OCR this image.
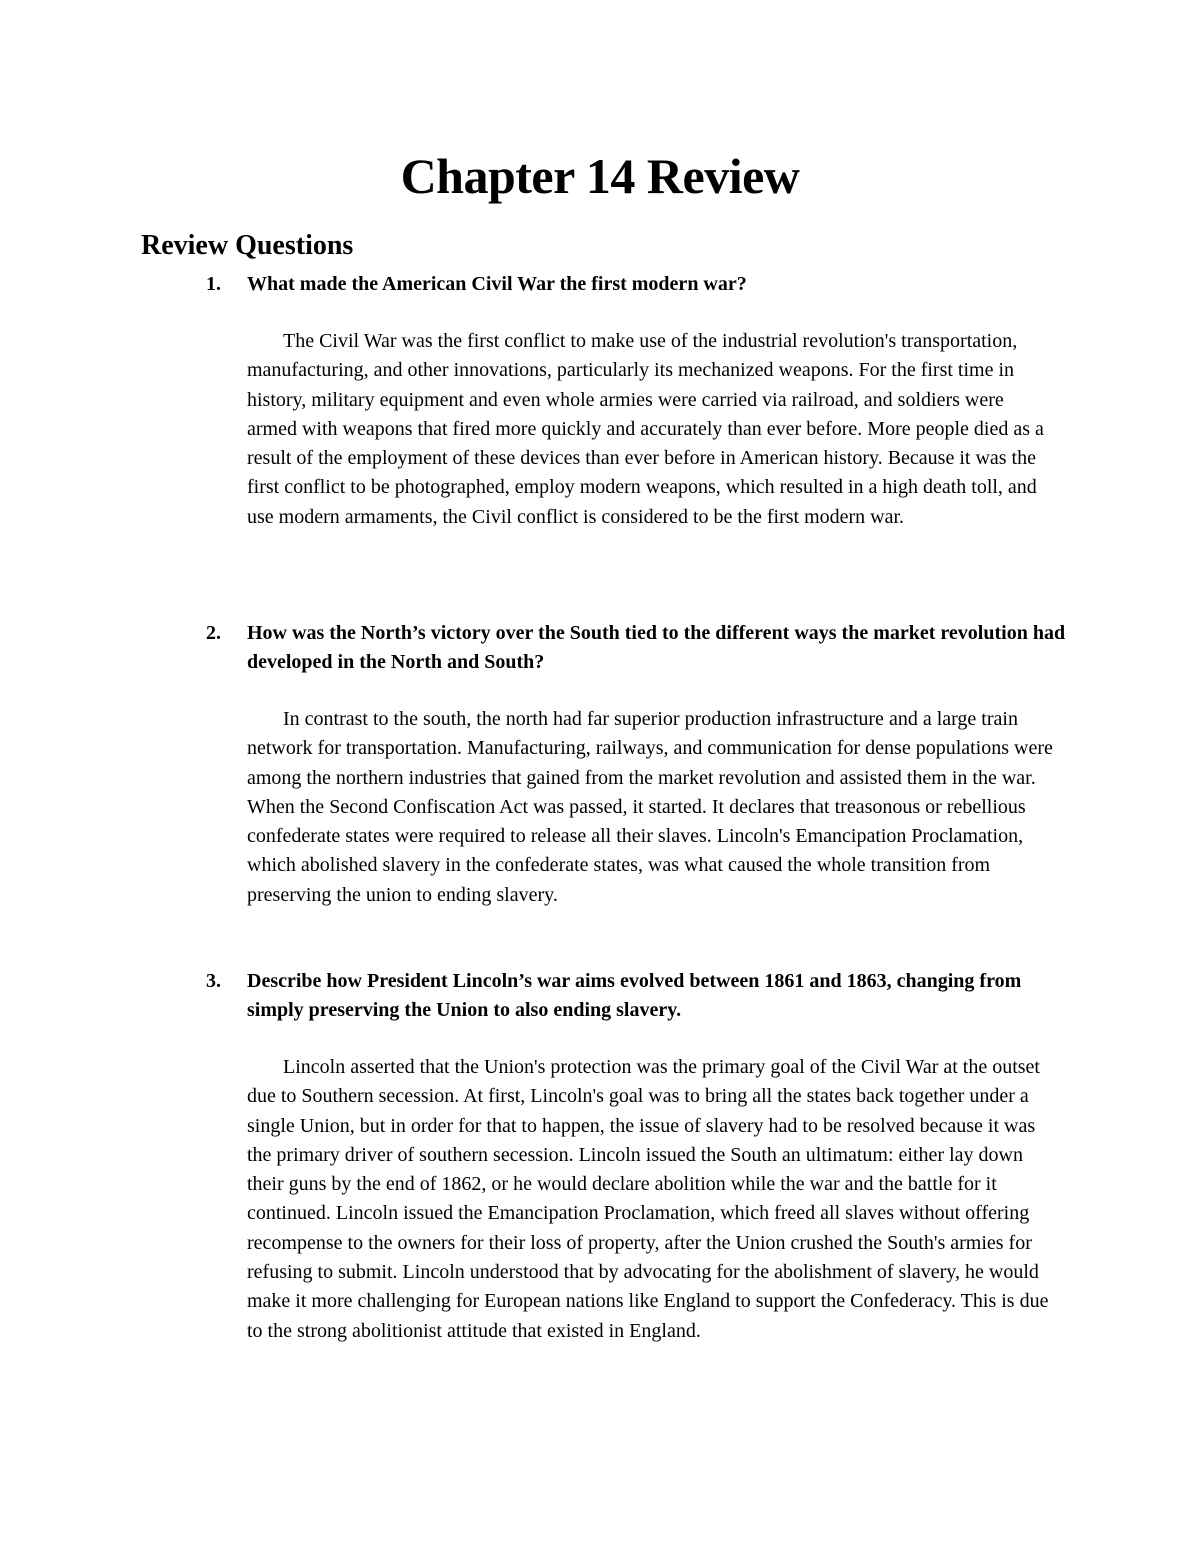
Chapter 14 Review
Review Questions
1. What made the American Civil War the first modern war?

The Civil War was the first conflict to make use of the industrial revolution's transportation, manufacturing, and other innovations, particularly its mechanized weapons. For the first time in history, military equipment and even whole armies were carried via railroad, and soldiers were armed with weapons that fired more quickly and accurately than ever before. More people died as a result of the employment of these devices than ever before in American history. Because it was the first conflict to be photographed, employ modern weapons, which resulted in a high death toll, and use modern armaments, the Civil conflict is considered to be the first modern war.

2. How was the North’s victory over the South tied to the different ways the market revolution had developed in the North and South?

In contrast to the south, the north had far superior production infrastructure and a large train network for transportation. Manufacturing, railways, and communication for dense populations were among the northern industries that gained from the market revolution and assisted them in the war. When the Second Confiscation Act was passed, it started. It declares that treasonous or rebellious confederate states were required to release all their slaves. Lincoln's Emancipation Proclamation, which abolished slavery in the confederate states, was what caused the whole transition from preserving the union to ending slavery.

3. Describe how President Lincoln’s war aims evolved between 1861 and 1863, changing from simply preserving the Union to also ending slavery.

Lincoln asserted that the Union's protection was the primary goal of the Civil War at the outset due to Southern secession. At first, Lincoln's goal was to bring all the states back together under a single Union, but in order for that to happen, the issue of slavery had to be resolved because it was the primary driver of southern secession. Lincoln issued the South an ultimatum: either lay down their guns by the end of 1862, or he would declare abolition while the war and the battle for it continued. Lincoln issued the Emancipation Proclamation, which freed all slaves without offering recompense to the owners for their loss of property, after the Union crushed the South's armies for refusing to submit. Lincoln understood that by advocating for the abolishment of slavery, he would make it more challenging for European nations like England to support the Confederacy. This is due to the strong abolitionist attitude that existed in England.
